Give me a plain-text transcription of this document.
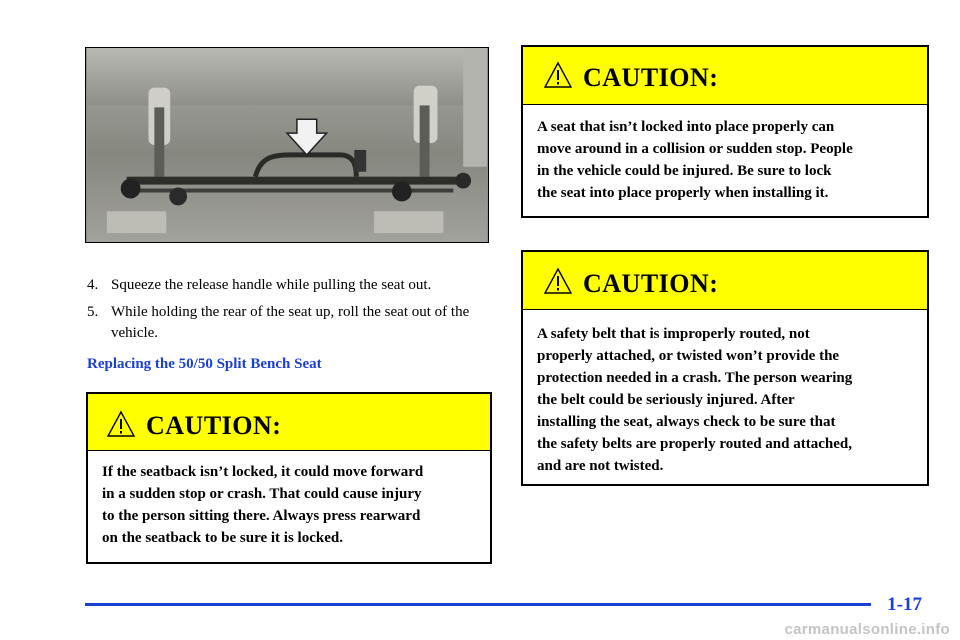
4. Squeeze the release handle while pulling the seat out.
5. While holding the rear of the seat up, roll the seat out of the vehicle.
Replacing the 50/50 Split Bench Seat
CAUTION:
If the seatback isn’t locked, it could move forward
in a sudden stop or crash. That could cause injury
to the person sitting there. Always press rearward
on the seatback to be sure it is locked.
CAUTION:
A seat that isn’t locked into place properly can
move around in a collision or sudden stop. People
in the vehicle could be injured. Be sure to lock
the seat into place properly when installing it.
CAUTION:
A safety belt that is improperly routed, not
properly attached, or twisted won’t provide the
protection needed in a crash. The person wearing
the belt could be seriously injured. After
installing the seat, always check to be sure that
the safety belts are properly routed and attached,
and are not twisted.
1-17
carmanualsonline.info
